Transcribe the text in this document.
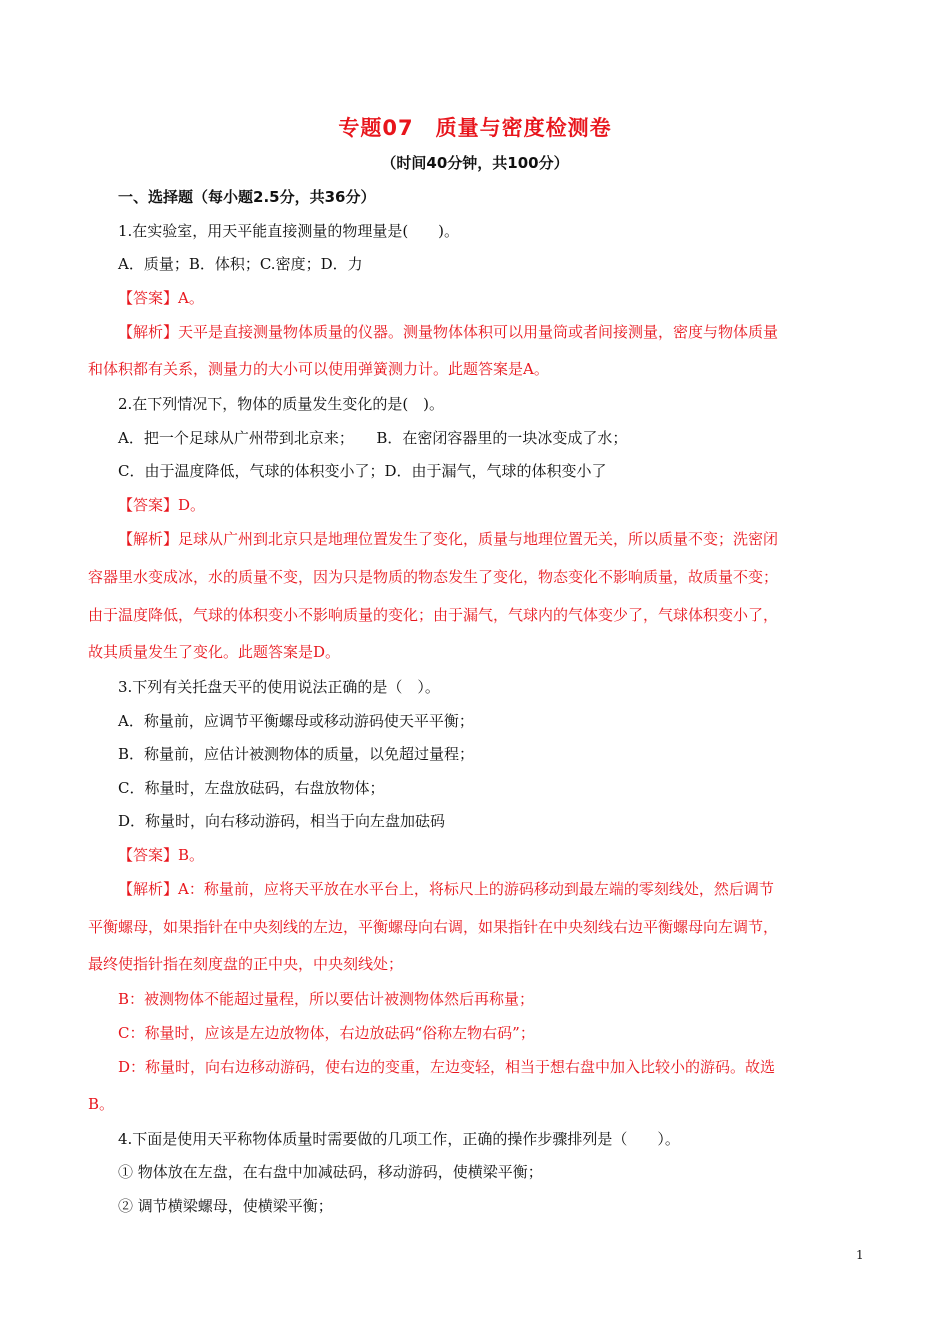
专题07　质量与密度检测卷
（时间40分钟，共100分）
一、选择题（每小题2.5分，共36分）
1.在实验室，用天平能直接测量的物理量是(　　)。
A．质量；B．体积；C.密度；D．力
【答案】A。
【解析】天平是直接测量物体质量的仪器。测量物体体积可以用量筒或者间接测量，密度与物体质量
和体积都有关系，测量力的大小可以使用弹簧测力计。此题答案是A。
2.在下列情况下，物体的质量发生变化的是(　)。
A．把一个足球从广州带到北京来；　　B．在密闭容器里的一块冰变成了水；
C．由于温度降低，气球的体积变小了；D．由于漏气，气球的体积变小了
【答案】D。
【解析】足球从广州到北京只是地理位置发生了变化，质量与地理位置无关，所以质量不变；洗密闭
容器里水变成冰，水的质量不变，因为只是物质的物态发生了变化，物态变化不影响质量，故质量不变；
由于温度降低，气球的体积变小不影响质量的变化；由于漏气，气球内的气体变少了，气球体积变小了，
故其质量发生了变化。此题答案是D。
3.下列有关托盘天平的使用说法正确的是（　）。
A．称量前，应调节平衡螺母或移动游码使天平平衡；
B．称量前，应估计被测物体的质量，以免超过量程；
C．称量时，左盘放砝码，右盘放物体；
D．称量时，向右移动游码，相当于向左盘加砝码
【答案】B。
【解析】A：称量前，应将天平放在水平台上，将标尺上的游码移动到最左端的零刻线处，然后调节
平衡螺母，如果指针在中央刻线的左边，平衡螺母向右调，如果指针在中央刻线右边平衡螺母向左调节，
最终使指针指在刻度盘的正中央，中央刻线处；
B：被测物体不能超过量程，所以要估计被测物体然后再称量；
C：称量时，应该是左边放物体，右边放砝码“俗称左物右码”；
D：称量时，向右边移动游码，使右边的变重，左边变轻，相当于想右盘中加入比较小的游码。故选
B。
4.下面是使用天平称物体质量时需要做的几项工作，正确的操作步骤排列是（　　）。
① 物体放在左盘，在右盘中加减砝码，移动游码，使横梁平衡；
② 调节横梁螺母，使横梁平衡；
1
